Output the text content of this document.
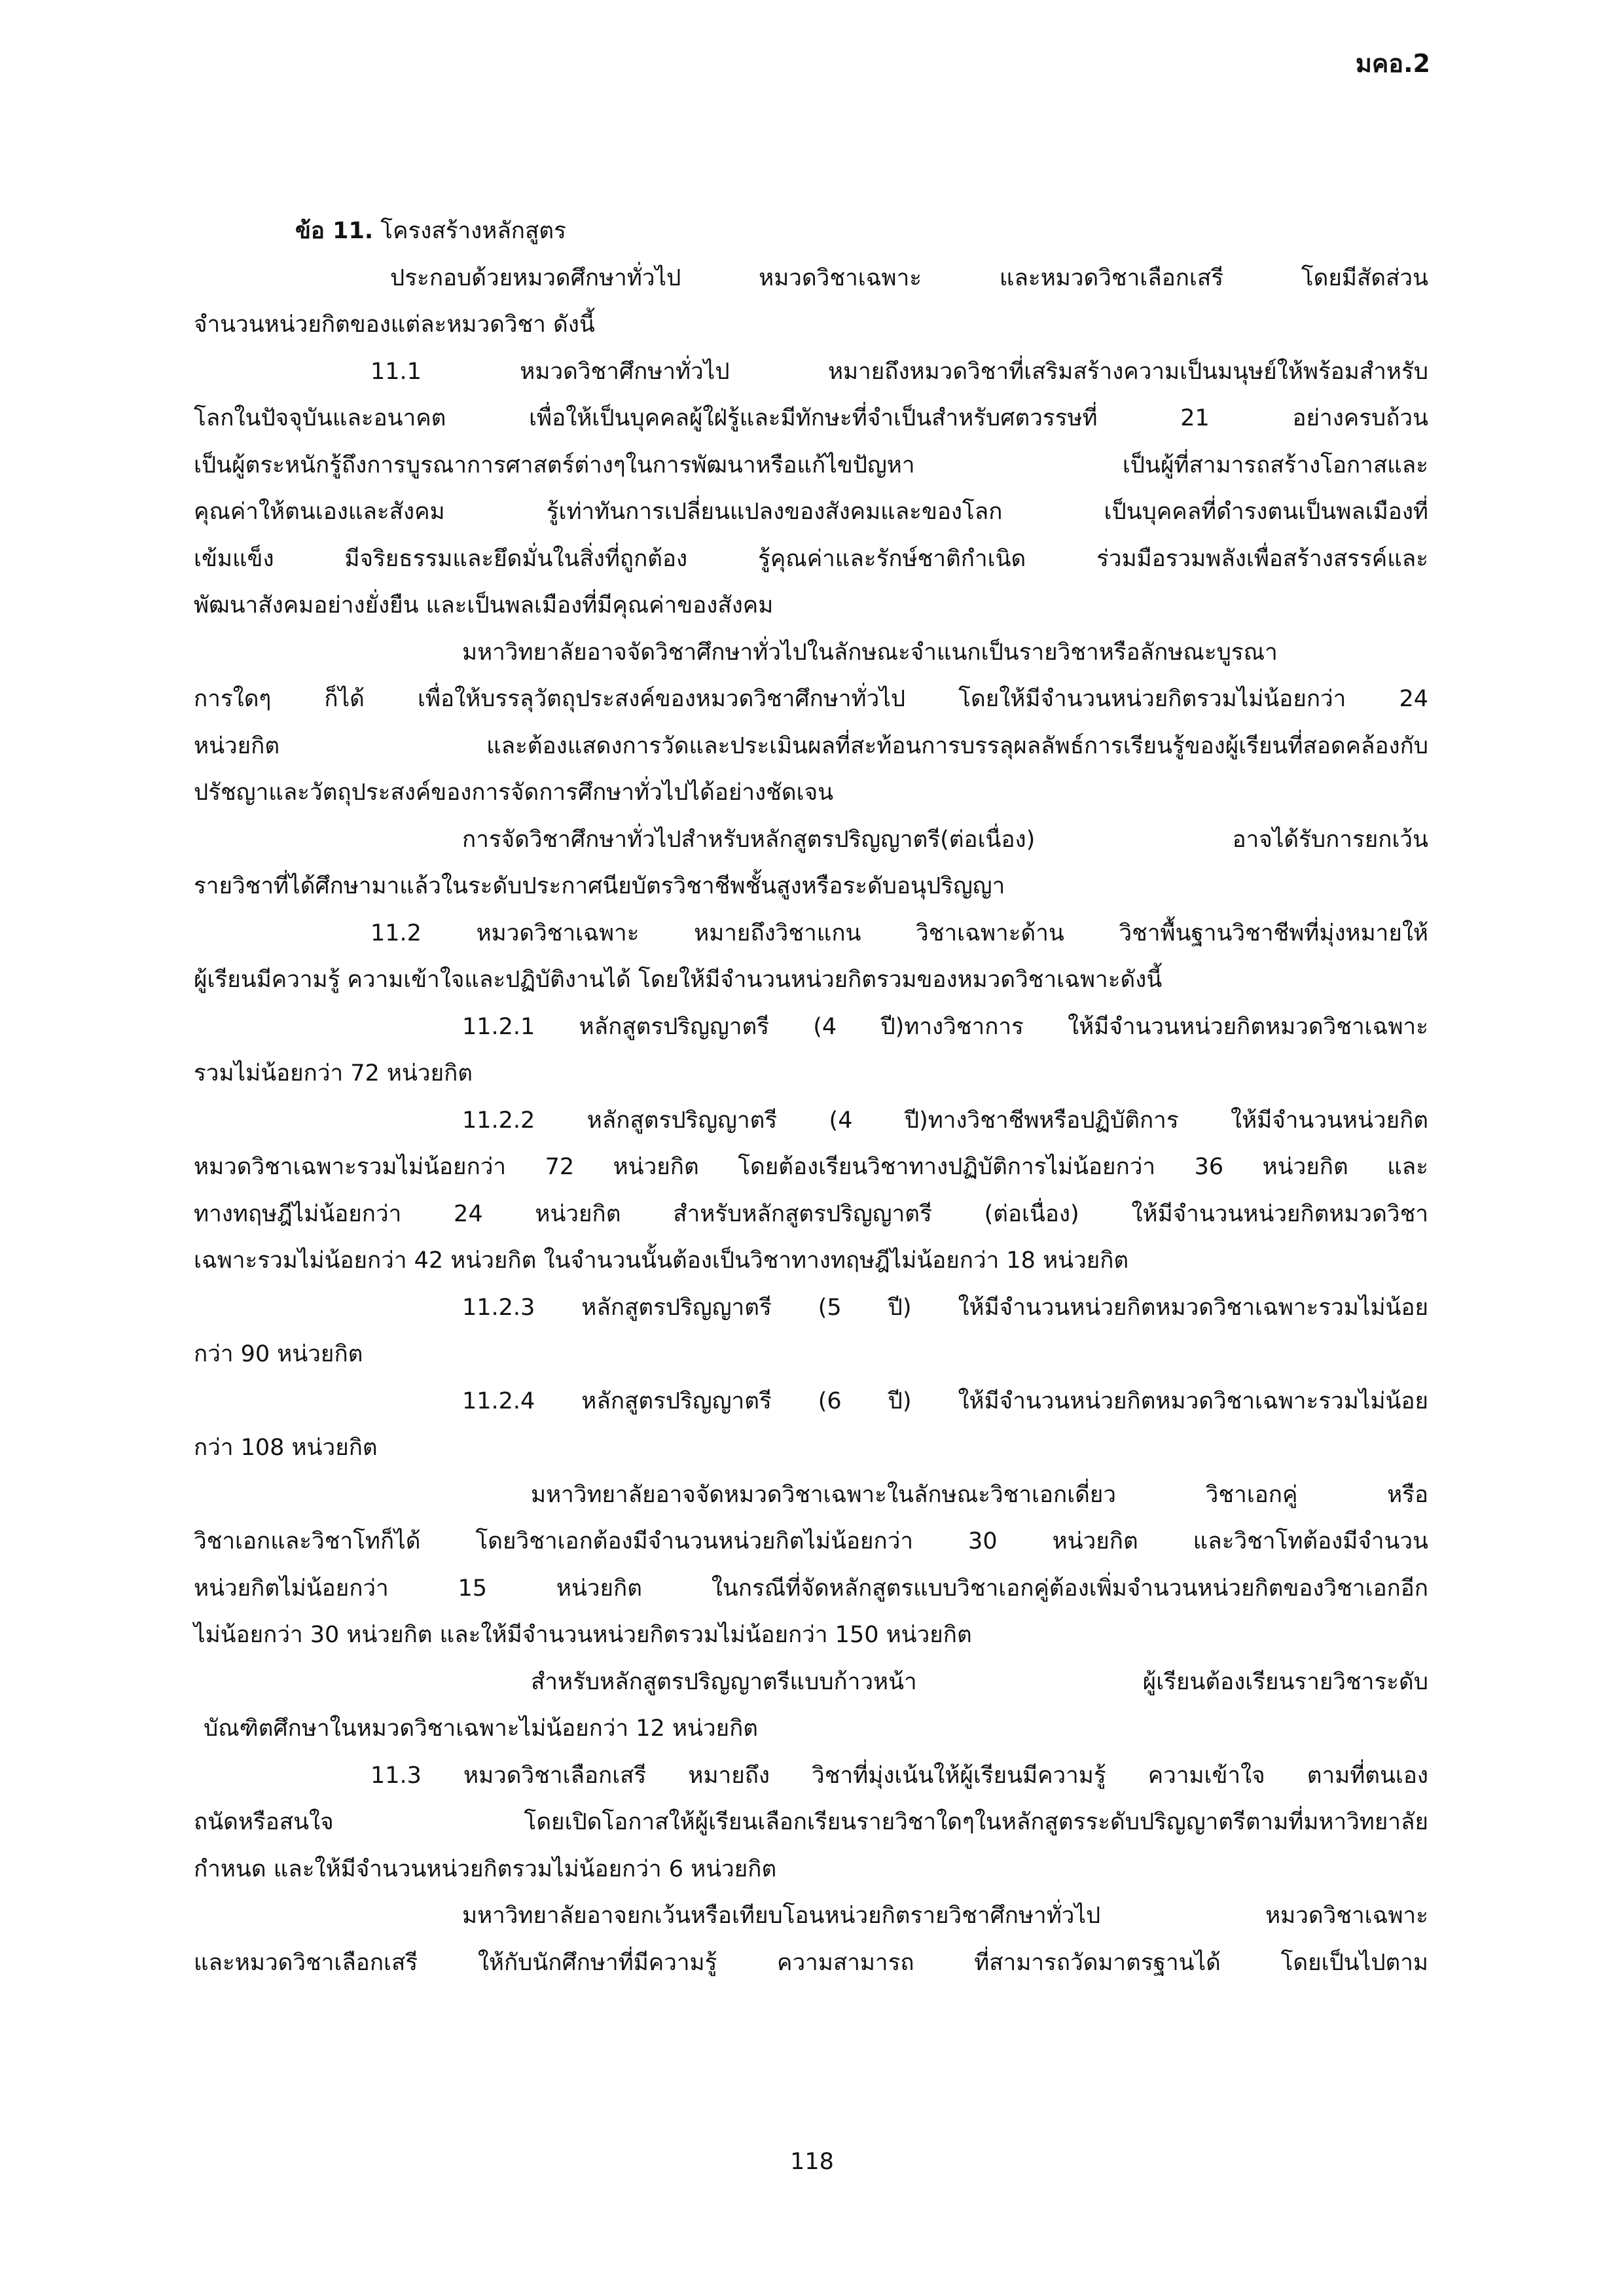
มคอ.2
ข้อ 11. โครงสร้างหลักสูตร
ประกอบด้วยหมวดศึกษาทั่วไป หมวดวิชาเฉพาะ และหมวดวิชาเลือกเสรี โดยมีสัดส่วน
จำนวนหน่วยกิตของแต่ละหมวดวิชา ดังนี้
11.1 หมวดวิชาศึกษาทั่วไป หมายถึงหมวดวิชาที่เสริมสร้างความเป็นมนุษย์ให้พร้อมสำหรับ
โลกในปัจจุบันและอนาคต เพื่อให้เป็นบุคคลผู้ใฝ่รู้และมีทักษะที่จำเป็นสำหรับศตวรรษที่ 21 อย่างครบถ้วน
เป็นผู้ตระหนักรู้ถึงการบูรณาการศาสตร์ต่างๆในการพัฒนาหรือแก้ไขปัญหา เป็นผู้ที่สามารถสร้างโอกาสและ
คุณค่าให้ตนเองและสังคม รู้เท่าทันการเปลี่ยนแปลงของสังคมและของโลก เป็นบุคคลที่ดำรงตนเป็นพลเมืองที่
เข้มแข็ง มีจริยธรรมและยึดมั่นในสิ่งที่ถูกต้อง รู้คุณค่าและรักษ์ชาติกำเนิด ร่วมมือรวมพลังเพื่อสร้างสรรค์และ
พัฒนาสังคมอย่างยั่งยืน และเป็นพลเมืองที่มีคุณค่าของสังคม
มหาวิทยาลัยอาจจัดวิชาศึกษาทั่วไปในลักษณะจำแนกเป็นรายวิชาหรือลักษณะบูรณา
การใดๆ ก็ได้ เพื่อให้บรรลุวัตถุประสงค์ของหมวดวิชาศึกษาทั่วไป โดยให้มีจำนวนหน่วยกิตรวมไม่น้อยกว่า 24
หน่วยกิต และต้องแสดงการวัดและประเมินผลที่สะท้อนการบรรลุผลลัพธ์การเรียนรู้ของผู้เรียนที่สอดคล้องกับ
ปรัชญาและวัตถุประสงค์ของการจัดการศึกษาทั่วไปได้อย่างชัดเจน
การจัดวิชาศึกษาทั่วไปสำหรับหลักสูตรปริญญาตรี(ต่อเนื่อง) อาจได้รับการยกเว้น
รายวิชาที่ได้ศึกษามาแล้วในระดับประกาศนียบัตรวิชาชีพชั้นสูงหรือระดับอนุปริญญา
11.2 หมวดวิชาเฉพาะ หมายถึงวิชาแกน วิชาเฉพาะด้าน วิชาพื้นฐานวิชาชีพที่มุ่งหมายให้
ผู้เรียนมีความรู้ ความเข้าใจและปฏิบัติงานได้ โดยให้มีจำนวนหน่วยกิตรวมของหมวดวิชาเฉพาะดังนี้
11.2.1 หลักสูตรปริญญาตรี (4 ปี)ทางวิชาการ ให้มีจำนวนหน่วยกิตหมวดวิชาเฉพาะ
รวมไม่น้อยกว่า 72 หน่วยกิต
11.2.2 หลักสูตรปริญญาตรี (4 ปี)ทางวิชาชีพหรือปฏิบัติการ ให้มีจำนวนหน่วยกิต
หมวดวิชาเฉพาะรวมไม่น้อยกว่า 72 หน่วยกิต โดยต้องเรียนวิชาทางปฏิบัติการไม่น้อยกว่า 36 หน่วยกิต และ
ทางทฤษฎีไม่น้อยกว่า 24 หน่วยกิต สำหรับหลักสูตรปริญญาตรี (ต่อเนื่อง) ให้มีจำนวนหน่วยกิตหมวดวิชา
เฉพาะรวมไม่น้อยกว่า 42 หน่วยกิต ในจำนวนนั้นต้องเป็นวิชาทางทฤษฎีไม่น้อยกว่า 18 หน่วยกิต
11.2.3 หลักสูตรปริญญาตรี (5 ปี) ให้มีจำนวนหน่วยกิตหมวดวิชาเฉพาะรวมไม่น้อย
กว่า 90 หน่วยกิต
11.2.4 หลักสูตรปริญญาตรี (6 ปี) ให้มีจำนวนหน่วยกิตหมวดวิชาเฉพาะรวมไม่น้อย
กว่า 108 หน่วยกิต
มหาวิทยาลัยอาจจัดหมวดวิชาเฉพาะในลักษณะวิชาเอกเดี่ยว วิชาเอกคู่ หรือ
วิชาเอกและวิชาโทก็ได้ โดยวิชาเอกต้องมีจำนวนหน่วยกิตไม่น้อยกว่า 30 หน่วยกิต และวิชาโทต้องมีจำนวน
หน่วยกิตไม่น้อยกว่า 15 หน่วยกิต ในกรณีที่จัดหลักสูตรแบบวิชาเอกคู่ต้องเพิ่มจำนวนหน่วยกิตของวิชาเอกอีก
ไม่น้อยกว่า 30 หน่วยกิต และให้มีจำนวนหน่วยกิตรวมไม่น้อยกว่า 150 หน่วยกิต
สำหรับหลักสูตรปริญญาตรีแบบก้าวหน้า ผู้เรียนต้องเรียนรายวิชาระดับ
บัณฑิตศึกษาในหมวดวิชาเฉพาะไม่น้อยกว่า 12 หน่วยกิต
11.3 หมวดวิชาเลือกเสรี หมายถึง วิชาที่มุ่งเน้นให้ผู้เรียนมีความรู้ ความเข้าใจ ตามที่ตนเอง
ถนัดหรือสนใจ โดยเปิดโอกาสให้ผู้เรียนเลือกเรียนรายวิชาใดๆในหลักสูตรระดับปริญญาตรีตามที่มหาวิทยาลัย
กำหนด และให้มีจำนวนหน่วยกิตรวมไม่น้อยกว่า 6 หน่วยกิต
มหาวิทยาลัยอาจยกเว้นหรือเทียบโอนหน่วยกิตรายวิชาศึกษาทั่วไป หมวดวิชาเฉพาะ
และหมวดวิชาเลือกเสรี ให้กับนักศึกษาที่มีความรู้ ความสามารถ ที่สามารถวัดมาตรฐานได้ โดยเป็นไปตาม
118
